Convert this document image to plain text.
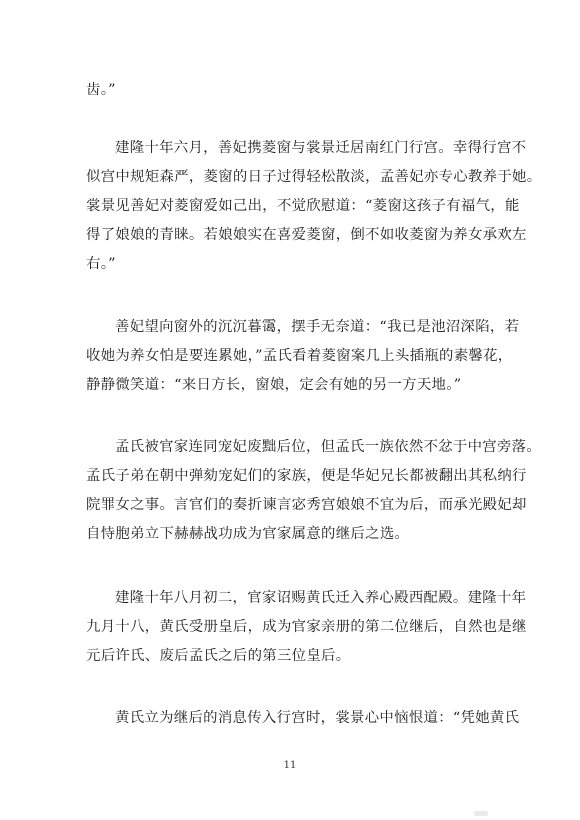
齿。”

建隆十年六月，善妃携菱窗与裳景迁居南红门行宫。幸得行宫不
似宫中规矩森严，菱窗的日子过得轻松散淡，孟善妃亦专心教养于她。
裳景见善妃对菱窗爱如己出，不觉欣慰道：“菱窗这孩子有福气，能
得了娘娘的青睐。若娘娘实在喜爱菱窗，倒不如收菱窗为养女承欢左
右。”

善妃望向窗外的沉沉暮霭，摆手无奈道：“我已是池沼深陷，若
收她为养女怕是要连累她，”孟氏看着菱窗案几上头插瓶的素馨花，
静静微笑道：“来日方长，窗娘，定会有她的另一方天地。”

孟氏被官家连同宠妃废黜后位，但孟氏一族依然不忿于中宫旁落。
孟氏子弟在朝中弹劾宠妃们的家族，便是华妃兄长都被翻出其私纳行
院罪女之事。言官们的奏折谏言宓秀宫娘娘不宜为后，而承光殿妃却
自恃胞弟立下赫赫战功成为官家属意的继后之选。

建隆十年八月初二，官家诏赐黄氏迁入养心殿西配殿。建隆十年
九月十八，黄氏受册皇后，成为官家亲册的第二位继后，自然也是继
元后许氏、废后孟氏之后的第三位皇后。

黄氏立为继后的消息传入行宫时，裳景心中恼恨道：“凭她黄氏

11
